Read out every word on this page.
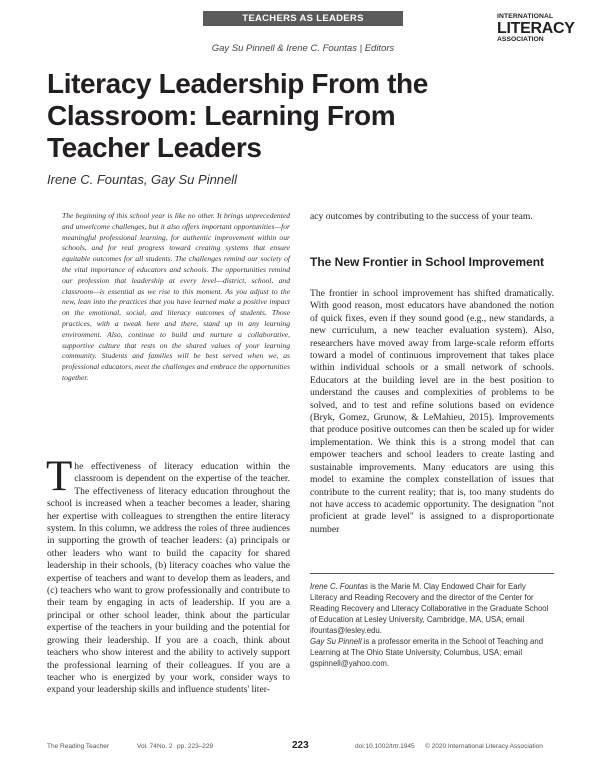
TEACHERS AS LEADERS
Gay Su Pinnell & Irene C. Fountas | Editors
INTERNATIONAL
LITERACY
ASSOCIATION
Literacy Leadership From the Classroom: Learning From Teacher Leaders
Irene C. Fountas, Gay Su Pinnell

The beginning of this school year is like no other. It brings unprecedented and unwelcome challenges, but it also offers important opportunities—for meaningful professional learning, for authentic improvement within our schools, and for real progress toward creating systems that ensure equitable outcomes for all students. The challenges remind our society of the vital importance of educators and schools. The opportunities remind our profession that leadership at every level—district, school, and classroom—is essential as we rise to this moment. As you adjust to the new, lean into the practices that you have learned make a positive impact on the emotional, social, and literacy outcomes of students. Those practices, with a tweak here and there, stand up in any learning environment. Also, continue to build and nurture a collaborative, supportive culture that rests on the shared values of your learning community. Students and families will be best served when we, as professional educators, meet the challenges and embrace the opportunities together.

T he effectiveness of literacy education within the classroom is dependent on the expertise of the teacher. The effectiveness of literacy education throughout the school is increased when a teacher becomes a leader, sharing her expertise with colleagues to strengthen the entire literacy system. In this column, we address the roles of three audiences in supporting the growth of teacher leaders: (a) principals or other leaders who want to build the capacity for shared leadership in their schools, (b) literacy coaches who value the expertise of teachers and want to develop them as leaders, and (c) teachers who want to grow professionally and contribute to their team by engaging in acts of leadership. If you are a principal or other school leader, think about the particular expertise of the teachers in your building and the potential for growing their leadership. If you are a coach, think about teachers who show interest and the ability to actively support the professional learning of their colleagues. If you are a teacher who is energized by your work, consider ways to expand your leadership skills and influence students' liter-

acy outcomes by contributing to the success of your team.

The New Frontier in School Improvement

The frontier in school improvement has shifted dramatically. With good reason, most educators have abandoned the notion of quick fixes, even if they sound good (e.g., new standards, a new curriculum, a new teacher evaluation system). Also, researchers have moved away from large-scale reform efforts toward a model of continuous improvement that takes place within individual schools or a small network of schools. Educators at the building level are in the best position to understand the causes and complexities of problems to be solved, and to test and refine solutions based on evidence (Bryk, Gomez, Grunow, & LeMahieu, 2015). Improvements that produce positive outcomes can then be scaled up for wider implementation. We think this is a strong model that can empower teachers and school leaders to create lasting and sustainable improvements. Many educators are using this model to examine the complex constellation of issues that contribute to the current reality; that is, too many students do not have access to academic opportunity. The designation "not proficient at grade level" is assigned to a disproportionate number

Irene C. Fountas is the Marie M. Clay Endowed Chair for Early Literacy and Reading Recovery and the director of the Center for Reading Recovery and Literacy Collaborative in the Graduate School of Education at Lesley University, Cambridge, MA, USA; email ifountas@lesley.edu.

Gay Su Pinnell is a professor emerita in the School of Teaching and Learning at The Ohio State University, Columbus, USA; email gspinnell@yahoo.com.

The Reading Teacher	Vol. 74 No. 2 pp. 223–229	223	doi:10.1002/trtr.1945 © 2020 International Literacy Association
